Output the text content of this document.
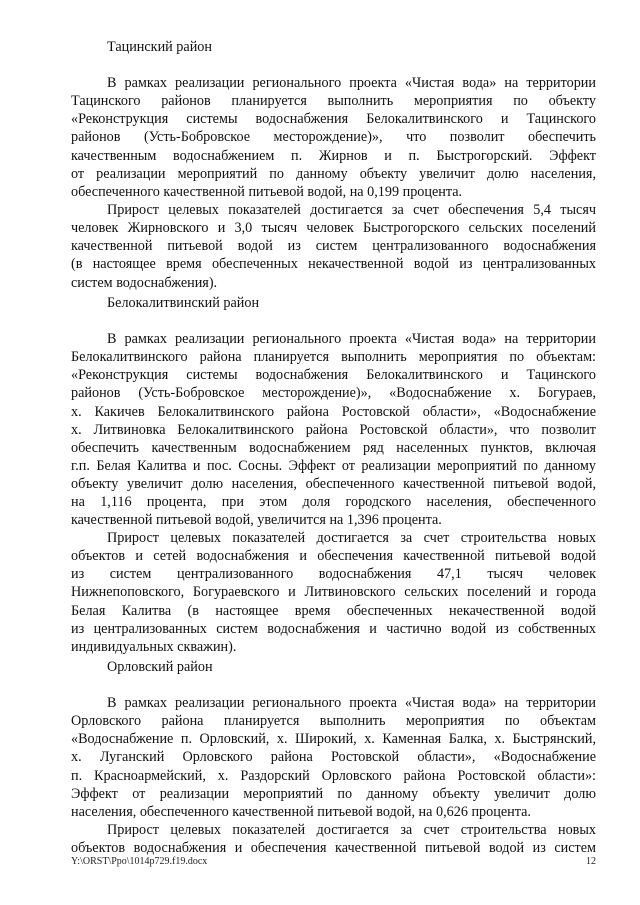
Тацинский район
В рамках реализации регионального проекта «Чистая вода» на территории
Тацинского районов планируется выполнить мероприятия по объекту
«Реконструкция системы водоснабжения Белокалитвинского и Тацинского
районов (Усть-Бобровское месторождение)», что позволит обеспечить
качественным водоснабжением п. Жирнов и п. Быстрогорский. Эффект
от реализации мероприятий по данному объекту увеличит долю населения,
обеспеченного качественной питьевой водой, на 0,199 процента.
Прирост целевых показателей достигается за счет обеспечения 5,4 тысяч
человек Жирновского и 3,0 тысяч человек Быстрогорского сельских поселений
качественной питьевой водой из систем централизованного водоснабжения
(в настоящее время обеспеченных некачественной водой из централизованных
систем водоснабжения).
Белокалитвинский район
В рамках реализации регионального проекта «Чистая вода» на территории
Белокалитвинского района планируется выполнить мероприятия по объектам:
«Реконструкция системы водоснабжения Белокалитвинского и Тацинского
районов (Усть-Бобровское месторождение)», «Водоснабжение х. Богураев,
х. Какичев Белокалитвинского района Ростовской области», «Водоснабжение
х. Литвиновка Белокалитвинского района Ростовской области», что позволит
обеспечить качественным водоснабжением ряд населенных пунктов, включая
г.п. Белая Калитва и пос. Сосны. Эффект от реализации мероприятий по данному
объекту увеличит долю населения, обеспеченного качественной питьевой водой,
на 1,116 процента, при этом доля городского населения, обеспеченного
качественной питьевой водой, увеличится на 1,396 процента.
Прирост целевых показателей достигается за счет строительства новых
объектов и сетей водоснабжения и обеспечения качественной питьевой водой
из систем централизованного водоснабжения 47,1 тысяч человек
Нижнепоповского, Богураевского и Литвиновского сельских поселений и города
Белая Калитва (в настоящее время обеспеченных некачественной водой
из централизованных систем водоснабжения и частично водой из собственных
индивидуальных скважин).
Орловский район
В рамках реализации регионального проекта «Чистая вода» на территории
Орловского района планируется выполнить мероприятия по объектам
«Водоснабжение п. Орловский, х. Широкий, х. Каменная Балка, х. Быстрянский,
х. Луганский Орловского района Ростовской области», «Водоснабжение
п. Красноармейский, х. Раздорский Орловского района Ростовской области»:
Эффект от реализации мероприятий по данному объекту увеличит долю
населения, обеспеченного качественной питьевой водой, на 0,626 процента.
Прирост целевых показателей достигается за счет строительства новых
объектов водоснабжения и обеспечения качественной питьевой водой из систем
Y:\ORST\Ppo\1014p729.f19.docx	12
